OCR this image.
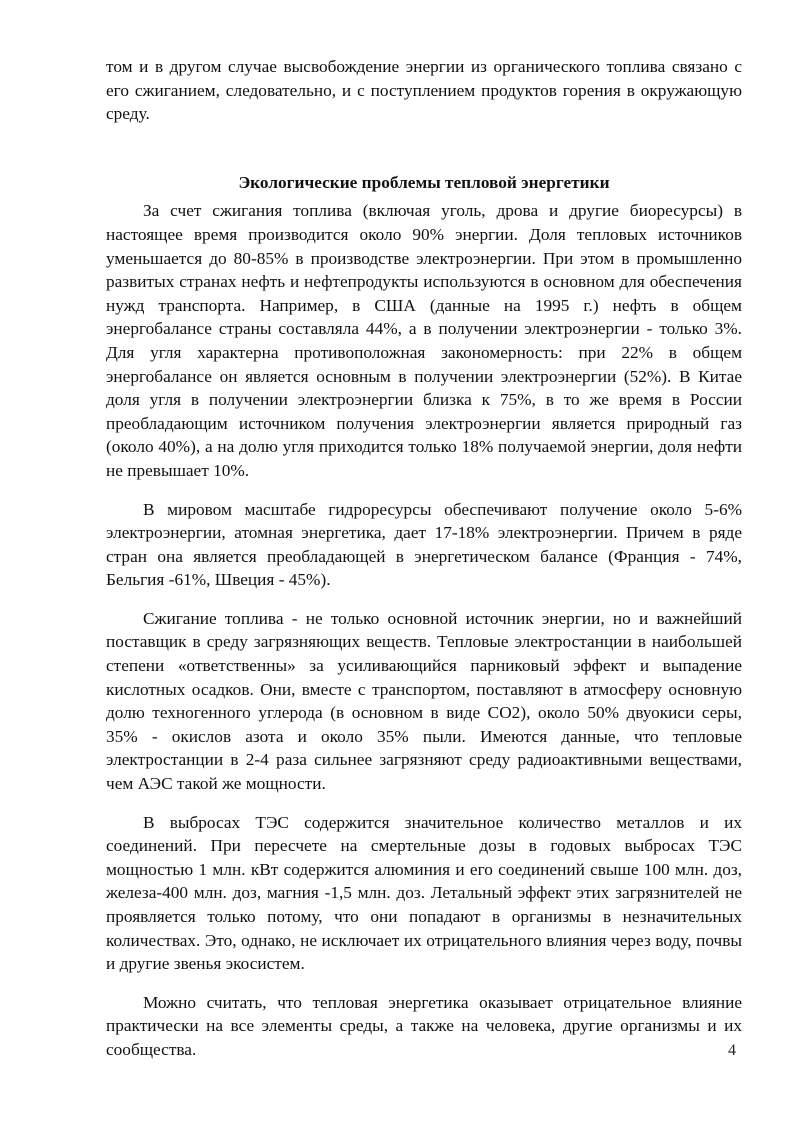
том и в другом случае высвобождение энергии из органического топлива связано с его сжиганием, следовательно, и с поступлением продуктов горения в окружающую среду.

Экологические проблемы тепловой энергетики

За счет сжигания топлива (включая уголь, дрова и другие биоресурсы) в настоящее время производится около 90% энергии. Доля тепловых источников уменьшается до 80-85% в производстве электроэнергии. При этом в промышленно развитых странах нефть и нефтепродукты используются в основном для обеспечения нужд транспорта. Например, в США (данные на 1995 г.) нефть в общем энергобалансе страны составляла 44%, а в получении электроэнергии - только 3%. Для угля характерна противоположная закономерность: при 22% в общем энергобалансе он является основным в получении электроэнергии (52%). В Китае доля угля в получении электроэнергии близка к 75%, в то же время в России преобладающим источником получения электроэнергии является природный газ (около 40%), а на долю угля приходится только 18% получаемой энергии, доля нефти не превышает 10%.

В мировом масштабе гидроресурсы обеспечивают получение около 5-6% электроэнергии, атомная энергетика, дает 17-18% электроэнергии. Причем в ряде стран она является преобладающей в энергетическом балансе (Франция - 74%, Бельгия -61%, Швеция - 45%).

Сжигание топлива - не только основной источник энергии, но и важнейший поставщик в среду загрязняющих веществ. Тепловые электростанции в наибольшей степени «ответственны» за усиливающийся парниковый эффект и выпадение кислотных осадков. Они, вместе с транспортом, поставляют в атмосферу основную долю техногенного углерода (в основном в виде СО2), около 50% двуокиси серы, 35% - окислов азота и около 35% пыли. Имеются данные, что тепловые электростанции в 2-4 раза сильнее загрязняют среду радиоактивными веществами, чем АЭС такой же мощности.

В выбросах ТЭС содержится значительное количество металлов и их соединений. При пересчете на смертельные дозы в годовых выбросах ТЭС мощностью 1 млн. кВт содержится алюминия и его соединений свыше 100 млн. доз, железа-400 млн. доз, магния -1,5 млн. доз. Летальный эффект этих загрязнителей не проявляется только потому, что они попадают в организмы в незначительных количествах. Это, однако, не исключает их отрицательного влияния через воду, почвы и другие звенья экосистем.

Можно считать, что тепловая энергетика оказывает отрицательное влияние практически на все элементы среды, а также на человека, другие организмы и их сообщества.	4
